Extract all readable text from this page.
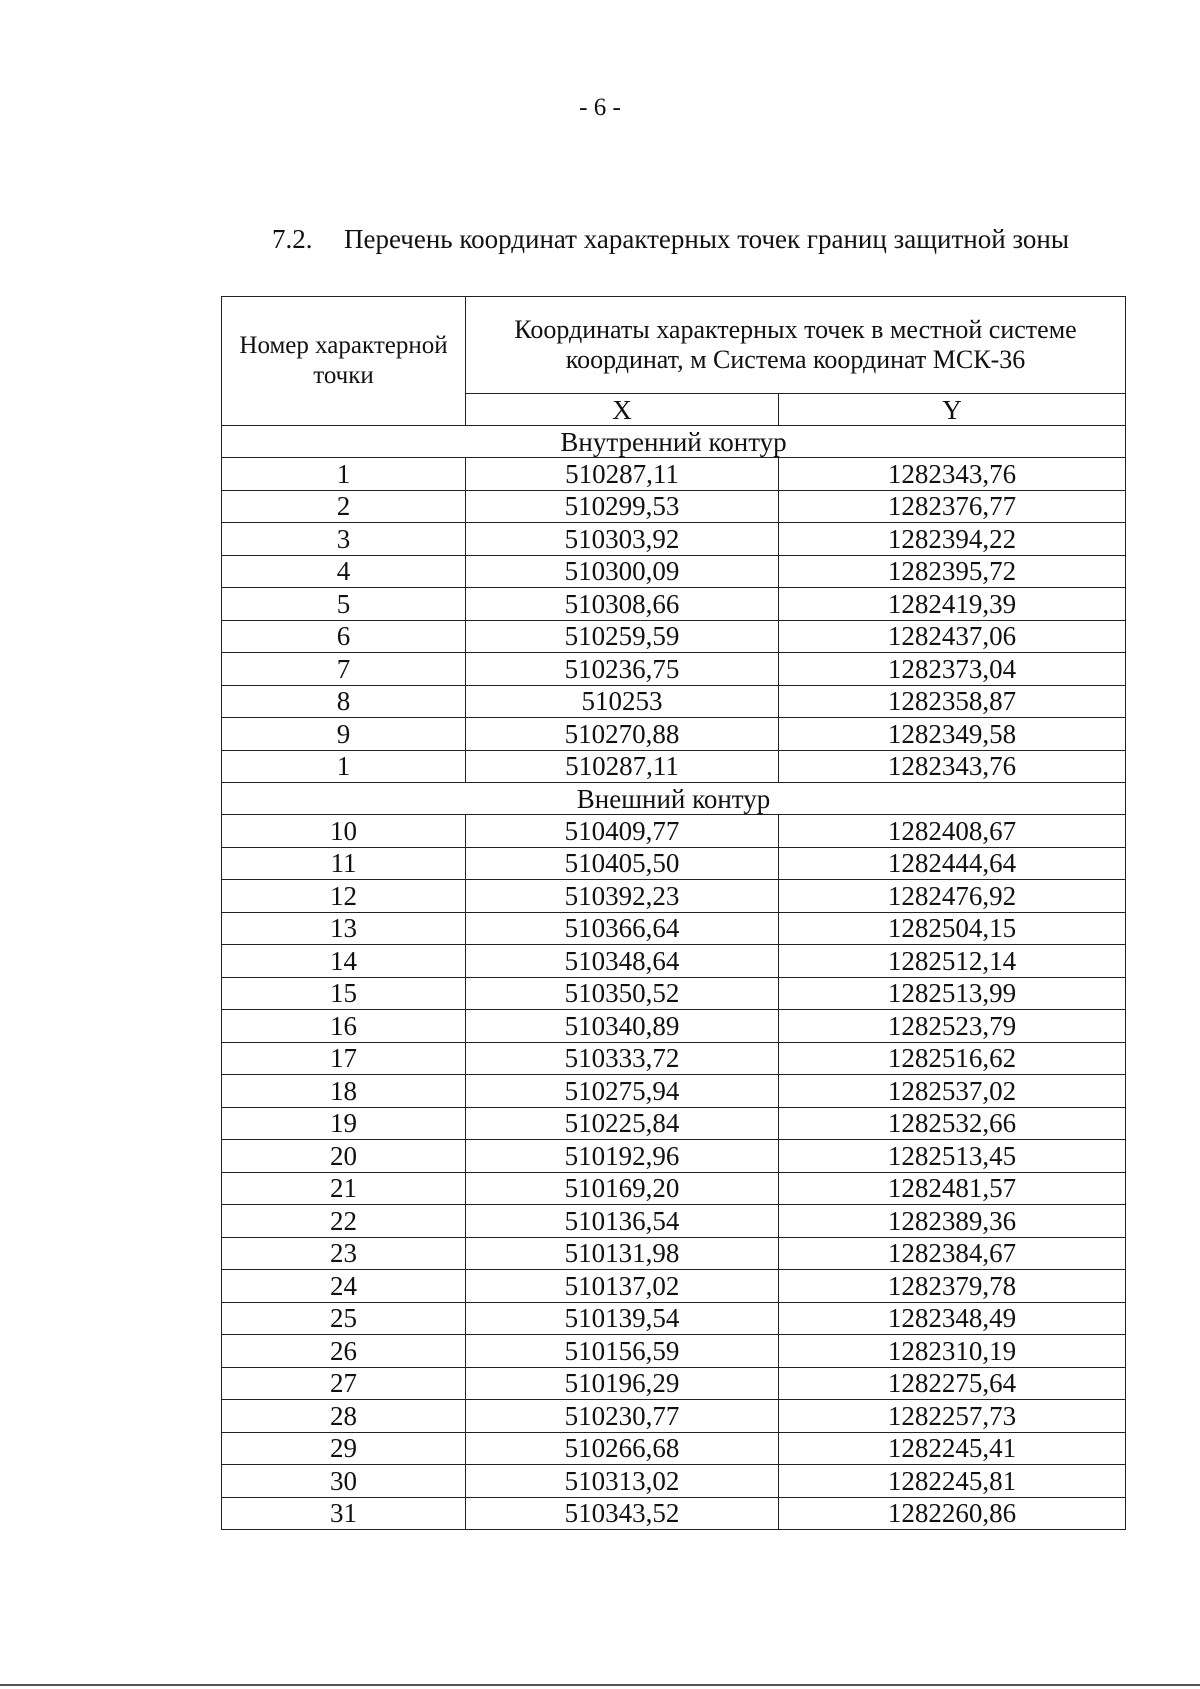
- 6 -
7.2. Перечень координат характерных точек границ защитной зоны
Номер характерной точки	Координаты характерных точек в местной системе координат, м Система координат МСК-36	
	X	Y
Внутренний контур		
1	510287,11	1282343,76
2	510299,53	1282376,77
3	510303,92	1282394,22
4	510300,09	1282395,72
5	510308,66	1282419,39
6	510259,59	1282437,06
7	510236,75	1282373,04
8	510253	1282358,87
9	510270,88	1282349,58
1	510287,11	1282343,76
Внешний контур		
10	510409,77	1282408,67
11	510405,50	1282444,64
12	510392,23	1282476,92
13	510366,64	1282504,15
14	510348,64	1282512,14
15	510350,52	1282513,99
16	510340,89	1282523,79
17	510333,72	1282516,62
18	510275,94	1282537,02
19	510225,84	1282532,66
20	510192,96	1282513,45
21	510169,20	1282481,57
22	510136,54	1282389,36
23	510131,98	1282384,67
24	510137,02	1282379,78
25	510139,54	1282348,49
26	510156,59	1282310,19
27	510196,29	1282275,64
28	510230,77	1282257,73
29	510266,68	1282245,41
30	510313,02	1282245,81
31	510343,52	1282260,86
